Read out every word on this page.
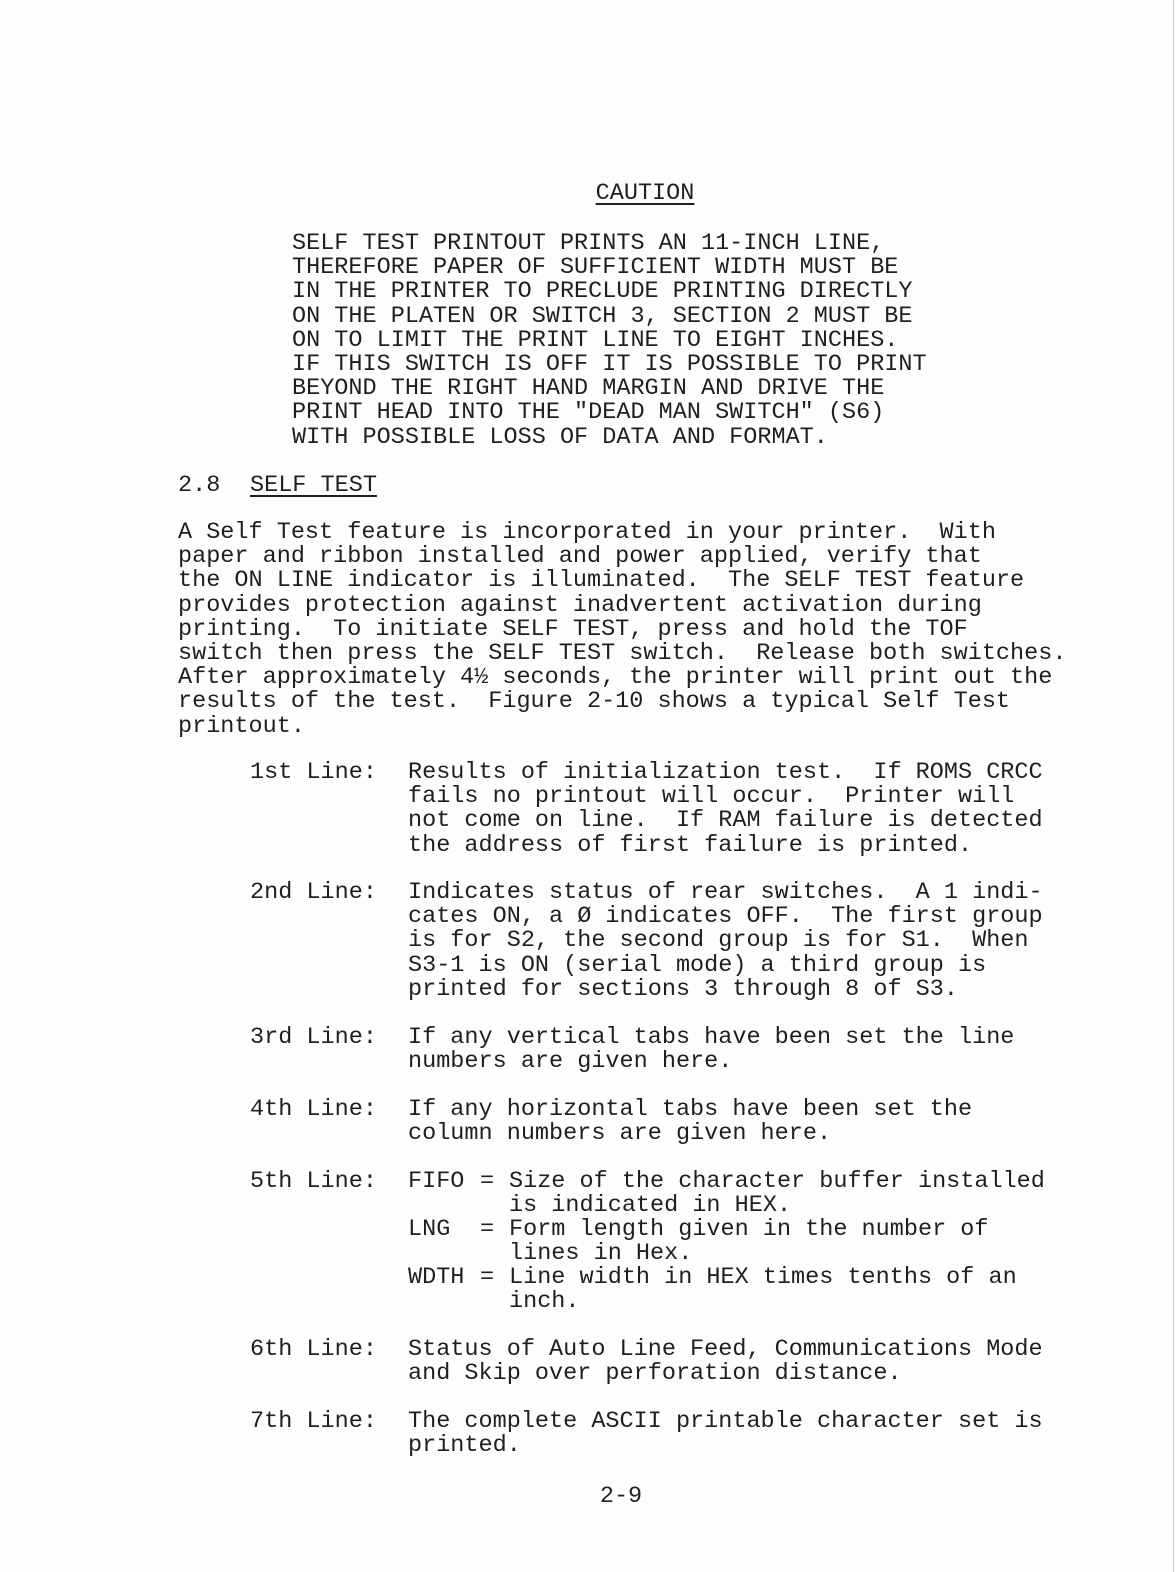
CAUTION
SELF TEST PRINTOUT PRINTS AN 11-INCH LINE,
THEREFORE PAPER OF SUFFICIENT WIDTH MUST BE
IN THE PRINTER TO PRECLUDE PRINTING DIRECTLY
ON THE PLATEN OR SWITCH 3, SECTION 2 MUST BE
ON TO LIMIT THE PRINT LINE TO EIGHT INCHES.
IF THIS SWITCH IS OFF IT IS POSSIBLE TO PRINT
BEYOND THE RIGHT HAND MARGIN AND DRIVE THE
PRINT HEAD INTO THE "DEAD MAN SWITCH" (S6)
WITH POSSIBLE LOSS OF DATA AND FORMAT.
2.8 SELF TEST
A Self Test feature is incorporated in your printer.  With
paper and ribbon installed and power applied, verify that
the ON LINE indicator is illuminated.  The SELF TEST feature
provides protection against inadvertent activation during
printing.  To initiate SELF TEST, press and hold the TOF
switch then press the SELF TEST switch.  Release both switches.
After approximately 4½ seconds, the printer will print out the
results of the test.  Figure 2-10 shows a typical Self Test
printout.
1st Line: Results of initialization test.  If ROMS CRCC
fails no printout will occur.  Printer will
not come on line.  If RAM failure is detected
the address of first failure is printed.
2nd Line: Indicates status of rear switches.  A 1 indi-
cates ON, a Ø indicates OFF.  The first group
is for S2, the second group is for S1.  When
S3-1 is ON (serial mode) a third group is
printed for sections 3 through 8 of S3.
3rd Line: If any vertical tabs have been set the line
numbers are given here.
4th Line: If any horizontal tabs have been set the
column numbers are given here.
5th Line: FIFO = Size of the character buffer installed
is indicated in HEX.
LNG = Form length given in the number of
lines in Hex.
WDTH = Line width in HEX times tenths of an
inch.
6th Line: Status of Auto Line Feed, Communications Mode
and Skip over perforation distance.
7th Line: The complete ASCII printable character set is
printed.
2-9
